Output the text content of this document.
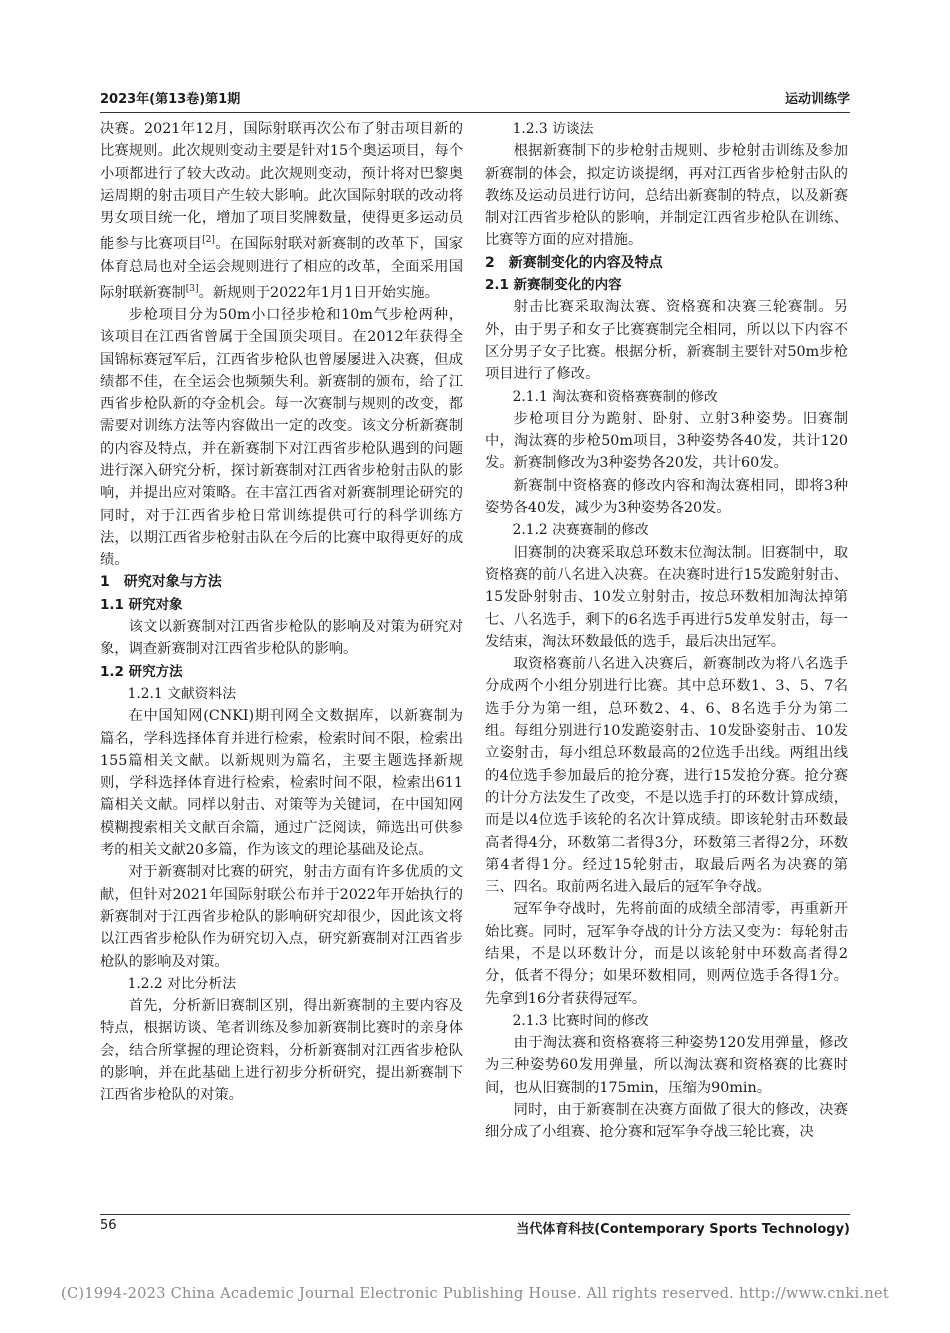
2023年(第13卷)第1期	运动训练学

决赛。2021年12月，国际射联再次公布了射击项目新的比赛规则。此次规则变动主要是针对15个奥运项目，每个小项都进行了较大改动。此次规则变动，预计将对巴黎奥运周期的射击项目产生较大影响。此次国际射联的改动将男女项目统一化，增加了项目奖牌数量，使得更多运动员能参与比赛项目[2]。在国际射联对新赛制的改革下，国家体育总局也对全运会规则进行了相应的改革，全面采用国际射联新赛制[3]。新规则于2022年1月1日开始实施。

步枪项目分为50m小口径步枪和10m气步枪两种，该项目在江西省曾属于全国顶尖项目。在2012年获得全国锦标赛冠军后，江西省步枪队也曾屡屡进入决赛，但成绩都不佳，在全运会也频频失利。新赛制的颁布，给了江西省步枪队新的夺金机会。每一次赛制与规则的改变，都需要对训练方法等内容做出一定的改变。该文分析新赛制的内容及特点，并在新赛制下对江西省步枪队遇到的问题进行深入研究分析，探讨新赛制对江西省步枪射击队的影响，并提出应对策略。在丰富江西省对新赛制理论研究的同时，对于江西省步枪日常训练提供可行的科学训练方法，以期江西省步枪射击队在今后的比赛中取得更好的成绩。

1　研究对象与方法
1.1 研究对象

该文以新赛制对江西省步枪队的影响及对策为研究对象，调查新赛制对江西省步枪队的影响。

1.2 研究方法
1.2.1 文献资料法

在中国知网(CNKI)期刊网全文数据库，以新赛制为篇名，学科选择体育并进行检索，检索时间不限，检索出155篇相关文献。以新规则为篇名，主要主题选择新规则，学科选择体育进行检索，检索时间不限，检索出611篇相关文献。同样以射击、对策等为关键词，在中国知网模糊搜索相关文献百余篇，通过广泛阅读，筛选出可供参考的相关文献20多篇，作为该文的理论基础及论点。

对于新赛制对比赛的研究，射击方面有许多优质的文献，但针对2021年国际射联公布并于2022年开始执行的新赛制对于江西省步枪队的影响研究却很少，因此该文将以江西省步枪队作为研究切入点，研究新赛制对江西省步枪队的影响及对策。

1.2.2 对比分析法

首先，分析新旧赛制区别，得出新赛制的主要内容及特点，根据访谈、笔者训练及参加新赛制比赛时的亲身体会，结合所掌握的理论资料，分析新赛制对江西省步枪队的影响，并在此基础上进行初步分析研究，提出新赛制下江西省步枪队的对策。

1.2.3 访谈法

根据新赛制下的步枪射击规则、步枪射击训练及参加新赛制的体会，拟定访谈提纲，再对江西省步枪射击队的教练及运动员进行访问，总结出新赛制的特点，以及新赛制对江西省步枪队的影响，并制定江西省步枪队在训练、比赛等方面的应对措施。

2　新赛制变化的内容及特点
2.1 新赛制变化的内容

射击比赛采取淘汰赛、资格赛和决赛三轮赛制。另外，由于男子和女子比赛赛制完全相同，所以以下内容不区分男子女子比赛。根据分析，新赛制主要针对50m步枪项目进行了修改。

2.1.1 淘汰赛和资格赛赛制的修改

步枪项目分为跪射、卧射、立射3种姿势。旧赛制中，淘汰赛的步枪50m项目，3种姿势各40发，共计120发。新赛制修改为3种姿势各20发，共计60发。

新赛制中资格赛的修改内容和淘汰赛相同，即将3种姿势各40发，减少为3种姿势各20发。

2.1.2 决赛赛制的修改

旧赛制的决赛采取总环数末位淘汰制。旧赛制中，取资格赛的前八名进入决赛。在决赛时进行15发跪射射击、15发卧射射击、10发立射射击，按总环数相加淘汰掉第七、八名选手，剩下的6名选手再进行5发单发射击，每一发结束，淘汰环数最低的选手，最后决出冠军。

取资格赛前八名进入决赛后，新赛制改为将八名选手分成两个小组分别进行比赛。其中总环数1、3、5、7名选手分为第一组，总环数2、4、6、8名选手分为第二组。每组分别进行10发跪姿射击、10发卧姿射击、10发立姿射击，每小组总环数最高的2位选手出线。两组出线的4位选手参加最后的抢分赛，进行15发抢分赛。抢分赛的计分方法发生了改变，不是以选手打的环数计算成绩，而是以4位选手该轮的名次计算成绩。即该轮射击环数最高者得4分，环数第二者得3分，环数第三者得2分，环数第4者得1分。经过15轮射击，取最后两名为决赛的第三、四名。取前两名进入最后的冠军争夺战。

冠军争夺战时，先将前面的成绩全部清零，再重新开始比赛。同时，冠军争夺战的计分方法又变为：每轮射击结果，不是以环数计分，而是以该轮射中环数高者得2分，低者不得分；如果环数相同，则两位选手各得1分。先拿到16分者获得冠军。

2.1.3 比赛时间的修改

由于淘汰赛和资格赛将三种姿势120发用弹量，修改为三种姿势60发用弹量，所以淘汰赛和资格赛的比赛时间，也从旧赛制的175min，压缩为90min。

同时，由于新赛制在决赛方面做了很大的修改，决赛细分成了小组赛、抢分赛和冠军争夺战三轮比赛，决

56	当代体育科技(Contemporary Sports Technology)
(C)1994-2023 China Academic Journal Electronic Publishing House. All rights reserved. http://www.cnki.net
